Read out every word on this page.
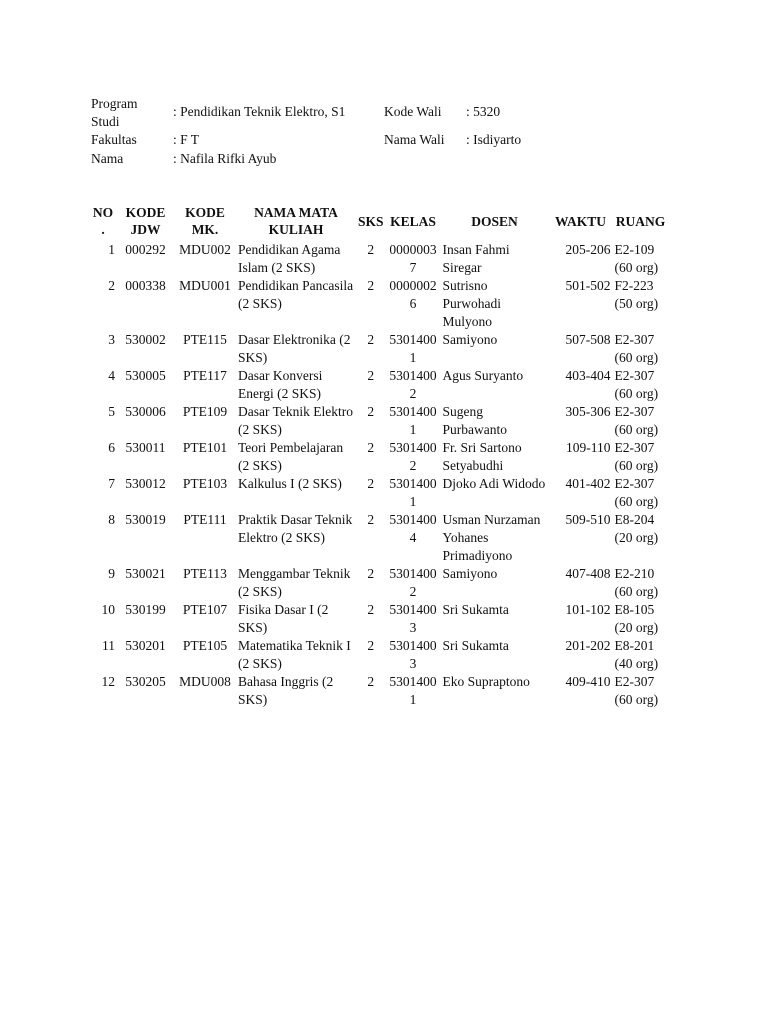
Program Studi
: Pendidikan Teknik Elektro, S1	Kode Wali : 5320
Fakultas	: F T	Nama Wali : Isdiyarto
Nama	: Nafila Rifki Ayub
NO .	KODE JDW	KODE MK.	NAMA MATA KULIAH	SKS	KELAS	DOSEN	WAKTU	RUANG
1	000292	MDU002	Pendidikan Agama Islam (2 SKS)	2	00000037	Insan Fahmi Siregar	205-206	E2-109
(60 org)
2	000338	MDU001	Pendidikan Pancasila (2 SKS)	2	00000026	Sutrisno Purwohadi Mulyono	501-502	F2-223
(50 org)
3	530002	PTE115	Dasar Elektronika (2 SKS)	2	53014001	Samiyono	507-508	E2-307
(60 org)
4	530005	PTE117	Dasar Konversi Energi (2 SKS)	2	53014002	Agus Suryanto	403-404	E2-307
(60 org)
5	530006	PTE109	Dasar Teknik Elektro (2 SKS)	2	53014001	Sugeng Purbawanto	305-306	E2-307
(60 org)
6	530011	PTE101	Teori Pembelajaran (2 SKS)	2	53014002	Fr. Sri Sartono Setyabudhi	109-110	E2-307
(60 org)
7	530012	PTE103	Kalkulus I (2 SKS)	2	53014001	Djoko Adi Widodo	401-402	E2-307
(60 org)
8	530019	PTE111	Praktik Dasar Teknik Elektro (2 SKS)	2	53014004	Usman Nurzaman Yohanes Primadiyono	509-510	E8-204
(20 org)
9	530021	PTE113	Menggambar Teknik (2 SKS)	2	53014002	Samiyono	407-408	E2-210
(60 org)
10	530199	PTE107	Fisika Dasar I (2 SKS)	2	53014003	Sri Sukamta	101-102	E8-105
(20 org)
11	530201	PTE105	Matematika Teknik I (2 SKS)	2	53014003	Sri Sukamta	201-202	E8-201
(40 org)
12	530205	MDU008	Bahasa Inggris (2 SKS)	2	53014001	Eko Supraptono	409-410	E2-307
(60 org)
